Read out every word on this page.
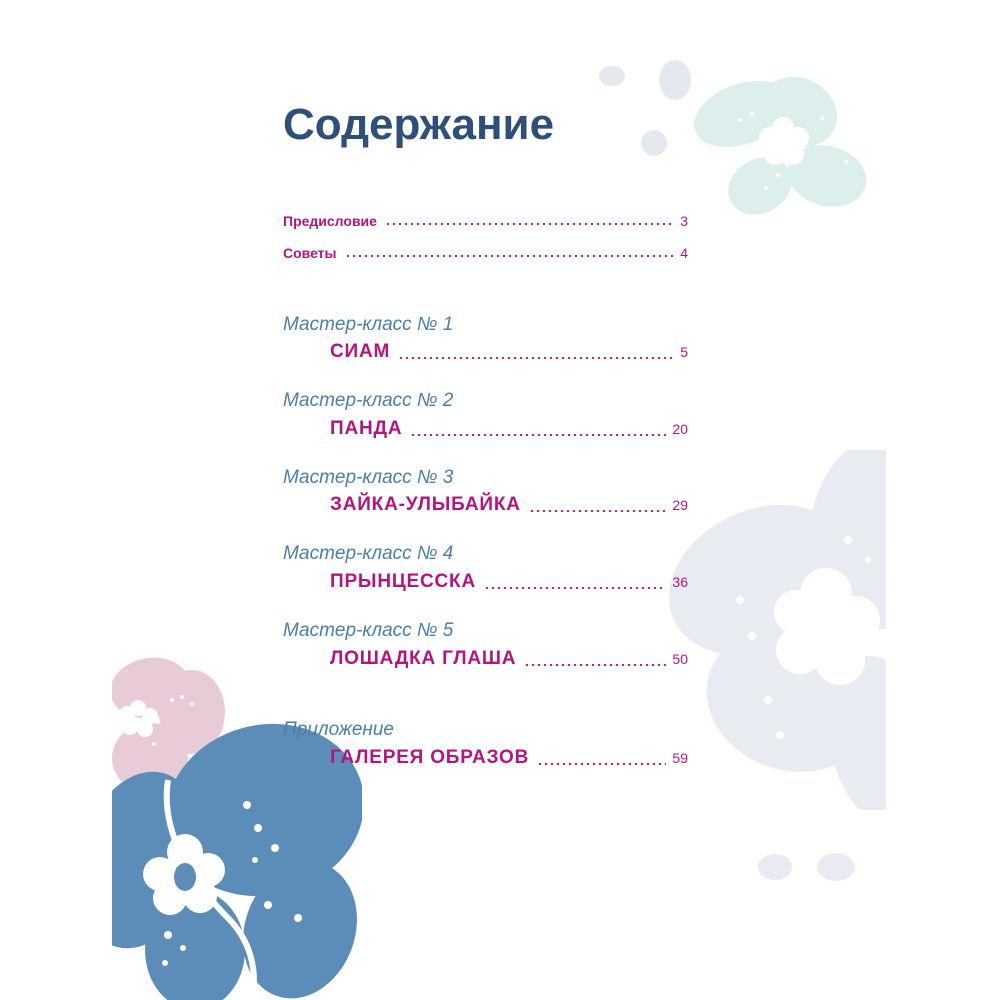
Содержание
Предисловие	3
Советы	4

Мастер-класс № 1

СИАМ	5

Мастер-класс № 2

ПАНДА	20

Мастер-класс № 3

ЗАЙКА-УЛЫБАЙКА	29

Мастер-класс № 4

ПРЫНЦЕССКА	36

Мастер-класс № 5

ЛОШАДКА ГЛАША	50

Приложение

ГАЛЕРЕЯ ОБРАЗОВ	59
